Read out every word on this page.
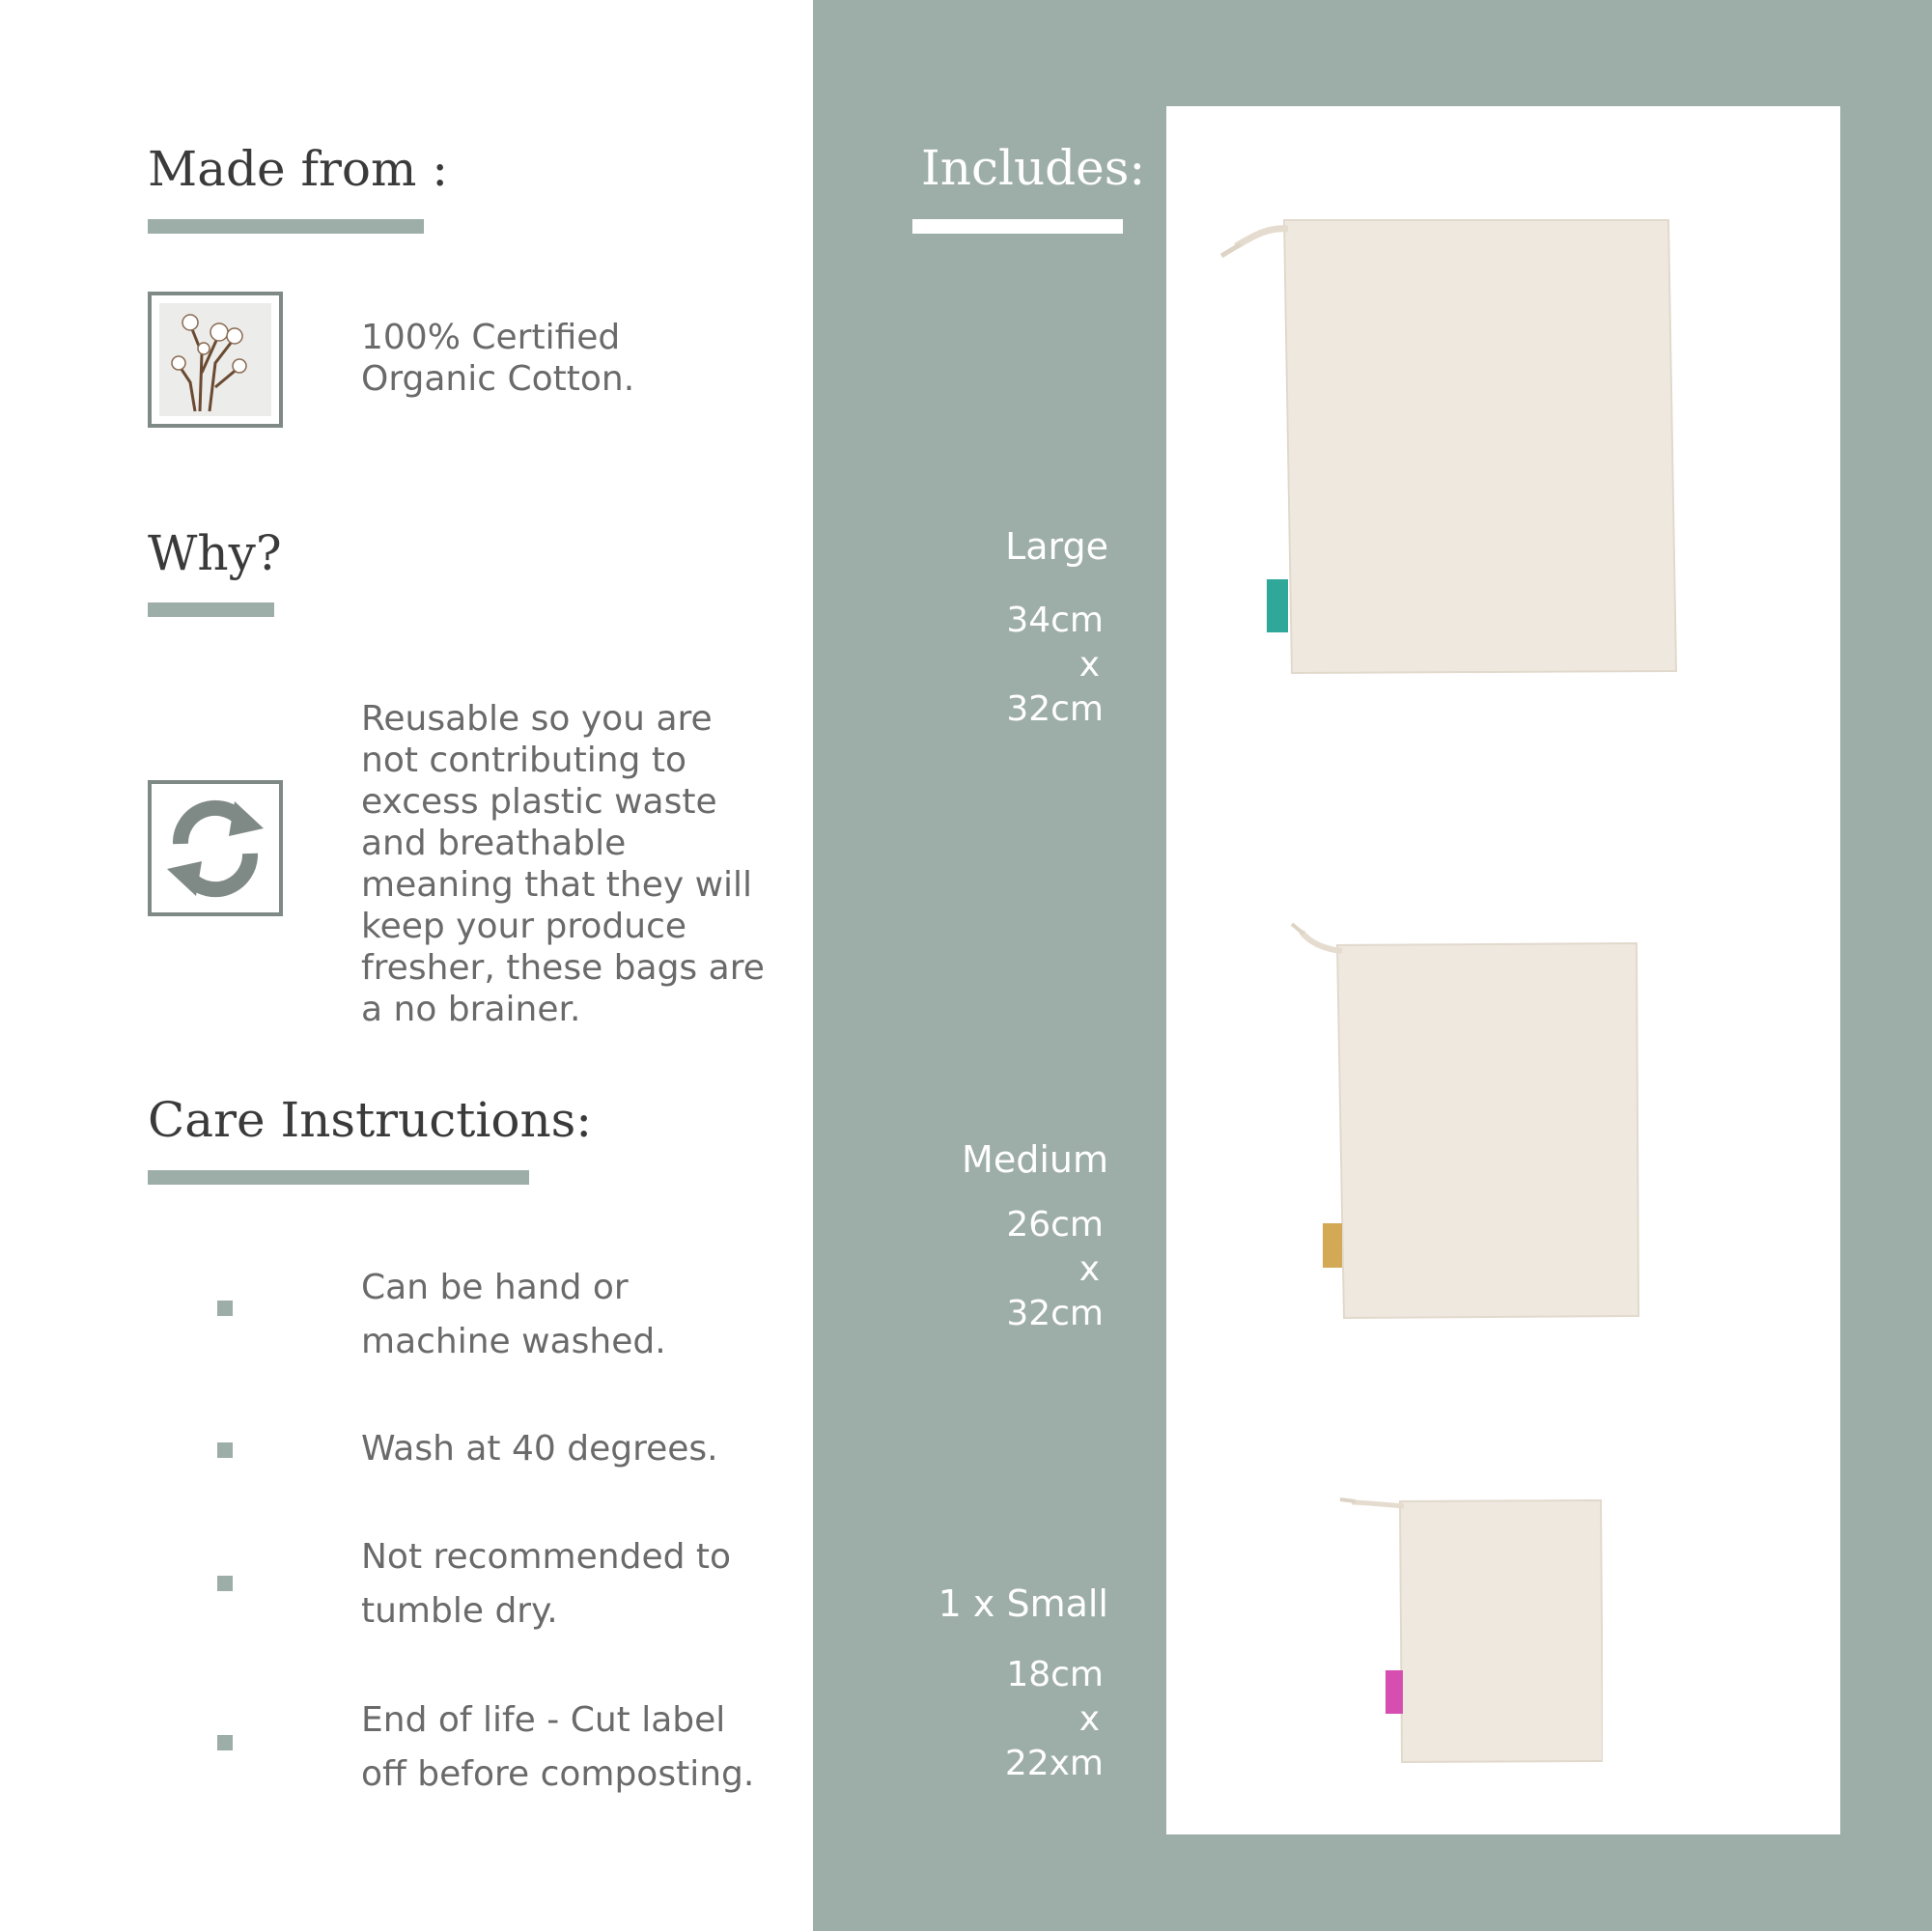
Made from :
100% Certified Organic Cotton.
Why?
Reusable so you are not contributing to excess plastic waste and breathable meaning that they will keep your produce fresher, these bags are a no brainer.
Care Instructions:
Can be hand or machine washed.
Wash at 40 degrees.
Not recommended to tumble dry.
End of life - Cut label off before composting.
Includes:
Large
34cm
x
32cm
Medium
26cm
x
32cm
1 x Small
18cm
x
22xm
